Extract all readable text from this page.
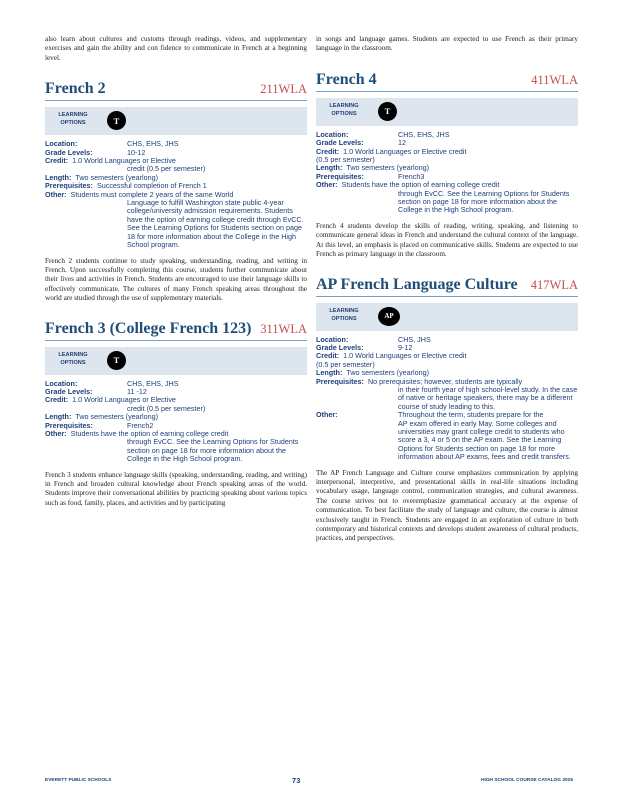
also learn about cultures and customs through readings, videos, and supplementary exercises and gain the ability and con fidence to communicate in French at a beginning level.

French 2	211WLA
LEARNING OPTIONS	T
Location:	CHS, EHS, JHS
Grade Levels:	10-12
Credit: 1.0 World Languages or Elective
credit (0.5 per semester)
Length: Two semesters (yearlong)
Prerequisites: Successful completion of French 1
Other: Students must complete 2 years of the same World
Language to fulfill Washington state public 4-year college/university admission requirements. Students have the option of earning college credit through EvCC. See the Learning Options for Students section on page 18 for more information about the College in the High School program.

French 2 students continue to study speaking, understanding, reading, and writing in French. Upon successfully completing this course, students further communicate about their lives and activities in French. Students are encouraged to use their language skills to effectively communicate. The cultures of many French speaking areas throughout the world are studied through the use of supplementary materials.

French 3 (College French 123) 311WLA
LEARNING OPTIONS	T
Location:	CHS, EHS, JHS
Grade Levels:	11 -12
Credit: 1.0 World Languages or Elective
credit (0.5 per semester)
Length: Two semesters (yearlong)
Prerequisites:	French2
Other: Students have the option of earning college credit
through EvCC. See the Learning Options for Students section on page 18 for more information about the College in the High School program.

French 3 students enhance language skills (speaking, understanding, reading, and writing) in French and broaden cultural knowledge about French speaking areas of the world. Students improve their conversational abilities by practicing speaking about various topics such as food, family, places, and activities and by participating

in songs and language games. Students are expected to use French as their primary language in the classroom.

French 4	411WLA
LEARNING OPTIONS	T
Location:	CHS, EHS, JHS
Grade Levels:	12
Credit: 1.0 World Languages or Elective credit
(0.5 per semester)
Length: Two semesters (yearlong)
Prerequisites:	French3
Other: Students have the option of earning college credit
through EvCC. See the Learning Options for Students section on page 18 for more information about the College in the High School program.

French 4 students develop the skills of reading, writing, speaking, and listening to communicate general ideas in French and understand the cultural context of the language. At this level, an emphasis is placed on communicative skills. Students are expected to use French as primary language in the classroom.

AP French Language Culture 417WLA
LEARNING OPTIONS	AP
Location:	CHS, JHS
Grade Levels:	9-12
Credit: 1.0 World Languages or Elective credit
(0.5 per semester)
Length: Two semesters (yearlong)
Prerequisites: No prerequisites; however, students are typically
in their fourth year of high school-level study. In the case of native or heritage speakers, there may be a different course of study leading to this.
Other:	Throughout the term, students prepare for the
AP exam offered in early May. Some colleges and universities may grant college credit to students who score a 3, 4 or 5 on the AP exam. See the Learning Options for Students section on page 18 for more information about AP exams, fees and credit transfers.

The AP French Language and Culture course emphasizes communication by applying interpersonal, interpretive, and presentational skills in real-life situations including vocabulary usage, language control, communication strategies, and cultural awareness. The course strives not to overemphasize grammatical accuracy at the expense of communication. To best facilitate the study of language and culture, the course is almost exclusively taught in French. Students are engaged in an exploration of culture in both contemporary and historical contexts and develops student awareness of cultural products, practices, and perspectives.

EVERETT PUBLIC SCHOOLS	73	HIGH SCHOOL COURSE CATALOG 2025
